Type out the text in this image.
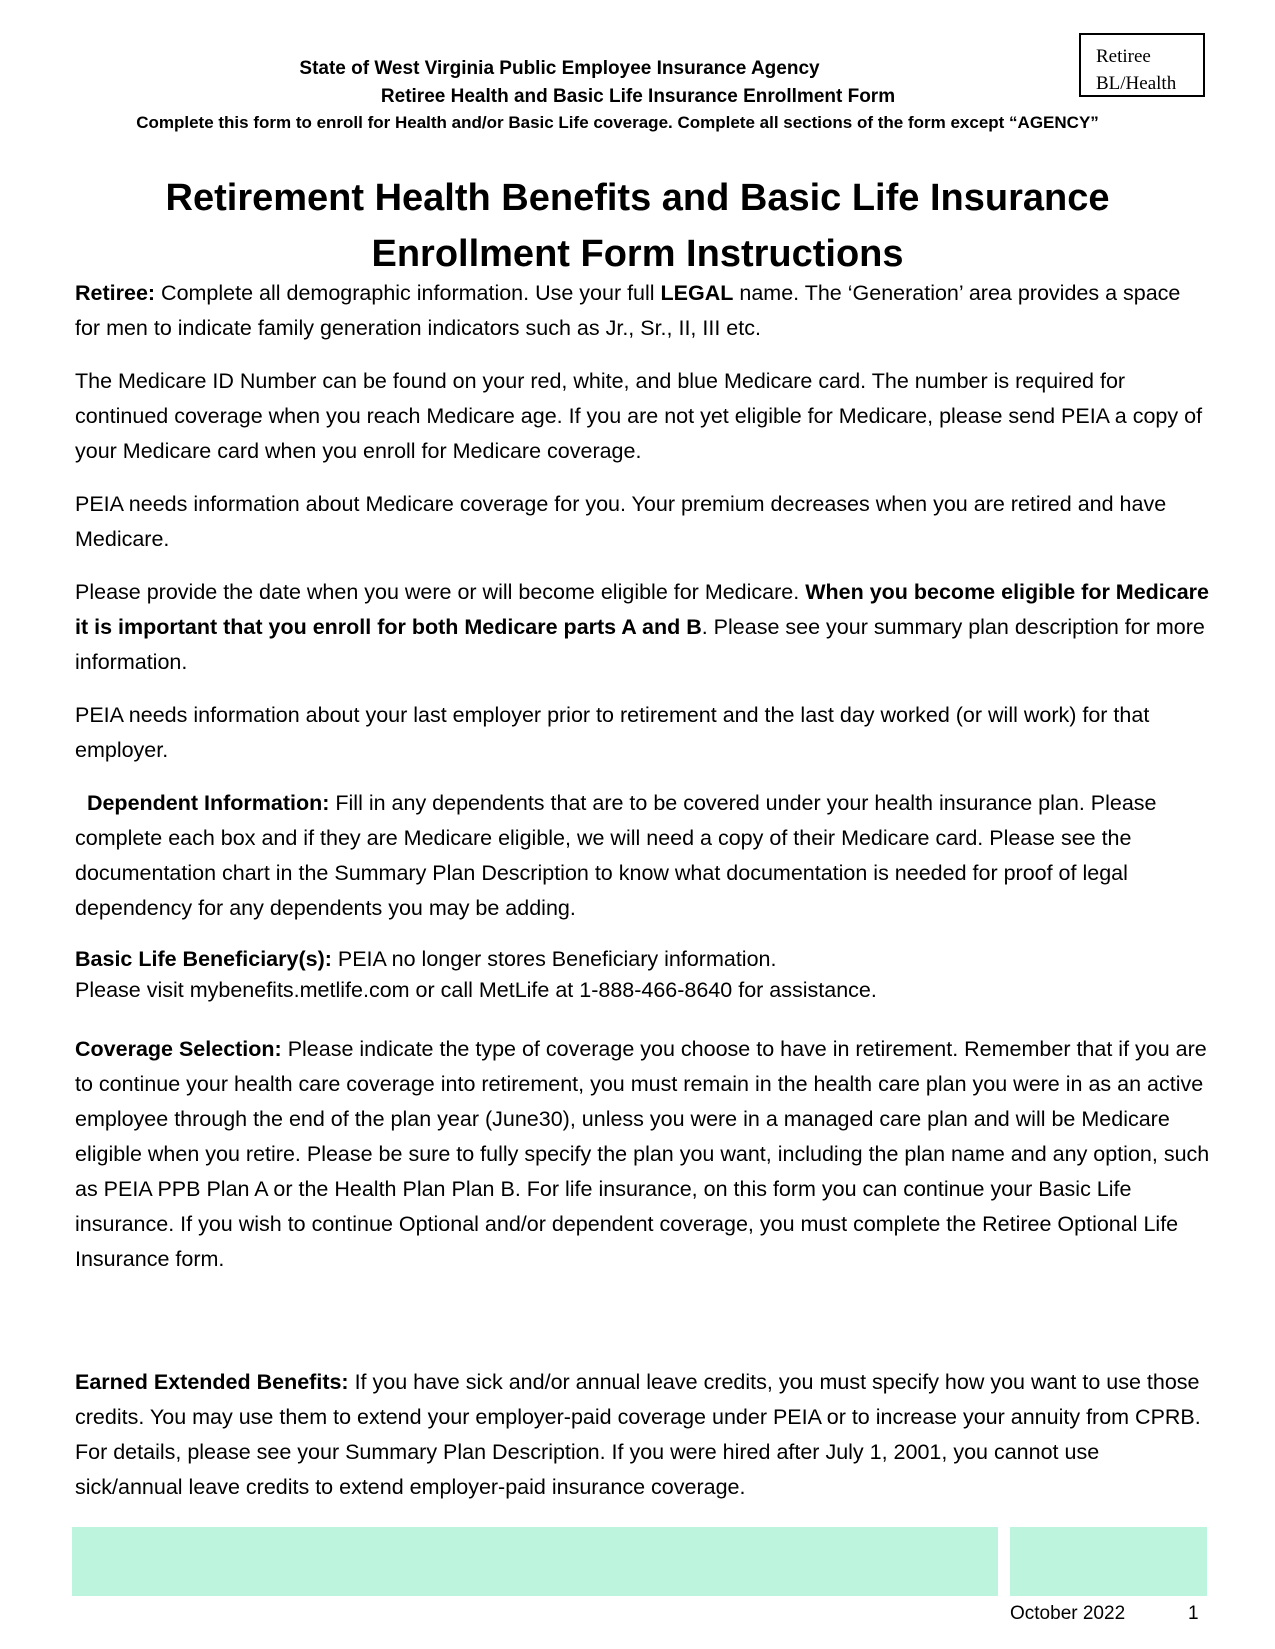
Retiree
BL/Health
State of West Virginia Public Employee Insurance Agency
Retiree Health and Basic Life Insurance Enrollment Form
Complete this form to enroll for Health and/or Basic Life coverage. Complete all sections of the form except “AGENCY”
Retirement Health Benefits and Basic Life Insurance
Enrollment Form Instructions

Retiree: Complete all demographic information. Use your full LEGAL name. The ‘Generation’ area provides a space for men to indicate family generation indicators such as Jr., Sr., II, III etc.

The Medicare ID Number can be found on your red, white, and blue Medicare card. The number is required for continued coverage when you reach Medicare age. If you are not yet eligible for Medicare, please send PEIA a copy of your Medicare card when you enroll for Medicare coverage.

PEIA needs information about Medicare coverage for you. Your premium decreases when you are retired and have Medicare.

Please provide the date when you were or will become eligible for Medicare. When you become eligible for Medicare it is important that you enroll for both Medicare parts A and B. Please see your summary plan description for more information.

PEIA needs information about your last employer prior to retirement and the last day worked (or will work) for that employer.

Dependent Information: Fill in any dependents that are to be covered under your health insurance plan. Please complete each box and if they are Medicare eligible, we will need a copy of their Medicare card. Please see the documentation chart in the Summary Plan Description to know what documentation is needed for proof of legal dependency for any dependents you may be adding.

Basic Life Beneficiary(s): PEIA no longer stores Beneficiary information.
Please visit mybenefits.metlife.com or call MetLife at 1-888-466-8640 for assistance.

Coverage Selection: Please indicate the type of coverage you choose to have in retirement. Remember that if you are to continue your health care coverage into retirement, you must remain in the health care plan you were in as an active employee through the end of the plan year (June30), unless you were in a managed care plan and will be Medicare eligible when you retire. Please be sure to fully specify the plan you want, including the plan name and any option, such as PEIA PPB Plan A or the Health Plan Plan B. For life insurance, on this form you can continue your Basic Life insurance. If you wish to continue Optional and/or dependent coverage, you must complete the Retiree Optional Life Insurance form.

Earned Extended Benefits: If you have sick and/or annual leave credits, you must specify how you want to use those credits. You may use them to extend your employer-paid coverage under PEIA or to increase your annuity from CPRB. For details, please see your Summary Plan Description. If you were hired after July 1, 2001, you cannot use sick/annual leave credits to extend employer-paid insurance coverage.

October 2022	1
